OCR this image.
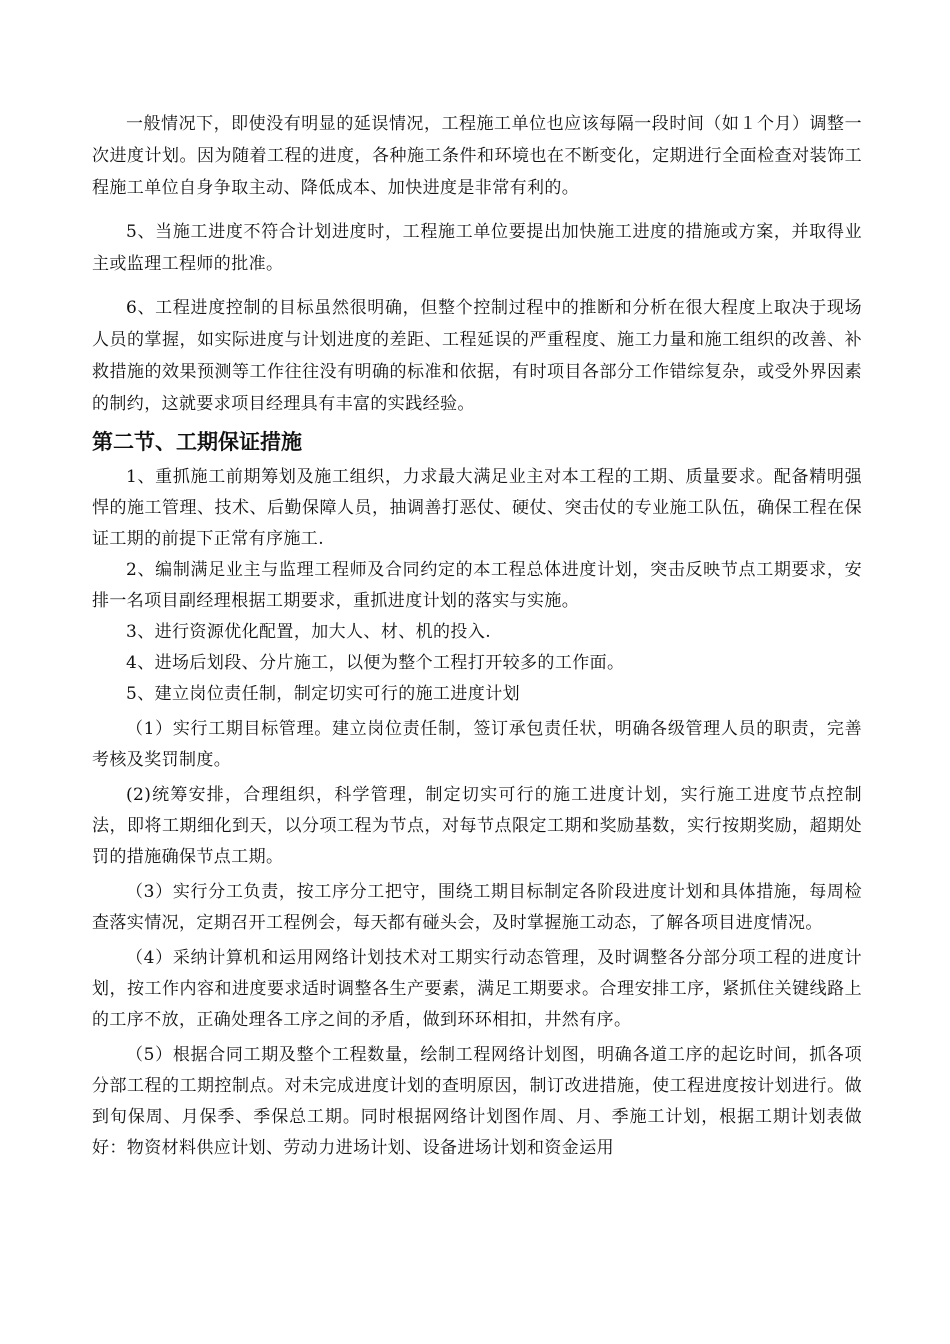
一般情况下，即使没有明显的延误情况，工程施工单位也应该每隔一段时间（如１个月）调整一次进度计划。因为随着工程的进度，各种施工条件和环境也在不断变化，定期进行全面检查对装饰工程施工单位自身争取主动、降低成本、加快进度是非常有利的。

5、当施工进度不符合计划进度时，工程施工单位要提出加快施工进度的措施或方案，并取得业主或监理工程师的批准。

6、工程进度控制的目标虽然很明确，但整个控制过程中的推断和分析在很大程度上取决于现场人员的掌握，如实际进度与计划进度的差距、工程延误的严重程度、施工力量和施工组织的改善、补救措施的效果预测等工作往往没有明确的标准和依据，有时项目各部分工作错综复杂，或受外界因素的制约，这就要求项目经理具有丰富的实践经验。

第二节、工期保证措施

1、重抓施工前期筹划及施工组织，力求最大满足业主对本工程的工期、质量要求。配备精明强悍的施工管理、技术、后勤保障人员，抽调善打恶仗、硬仗、突击仗的专业施工队伍，确保工程在保证工期的前提下正常有序施工.

2、编制满足业主与监理工程师及合同约定的本工程总体进度计划，突击反映节点工期要求，安排一名项目副经理根据工期要求，重抓进度计划的落实与实施。

3、进行资源优化配置，加大人、材、机的投入.

4、进场后划段、分片施工，以便为整个工程打开较多的工作面。

5、建立岗位责任制，制定切实可行的施工进度计划

（1）实行工期目标管理。建立岗位责任制，签订承包责任状，明确各级管理人员的职责，完善考核及奖罚制度。

(2)统筹安排，合理组织，科学管理，制定切实可行的施工进度计划，实行施工进度节点控制法，即将工期细化到天，以分项工程为节点，对每节点限定工期和奖励基数，实行按期奖励，超期处罚的措施确保节点工期。

（3）实行分工负责，按工序分工把守，围绕工期目标制定各阶段进度计划和具体措施，每周检查落实情况，定期召开工程例会，每天都有碰头会，及时掌握施工动态，了解各项目进度情况。

（4）采纳计算机和运用网络计划技术对工期实行动态管理，及时调整各分部分项工程的进度计划，按工作内容和进度要求适时调整各生产要素，满足工期要求。合理安排工序，紧抓住关键线路上的工序不放，正确处理各工序之间的矛盾，做到环环相扣，井然有序。

（5）根据合同工期及整个工程数量，绘制工程网络计划图，明确各道工序的起讫时间，抓各项分部工程的工期控制点。对未完成进度计划的查明原因，制订改进措施，使工程进度按计划进行。做到旬保周、月保季、季保总工期。同时根据网络计划图作周、月、季施工计划，根据工期计划表做好：物资材料供应计划、劳动力进场计划、设备进场计划和资金运用
